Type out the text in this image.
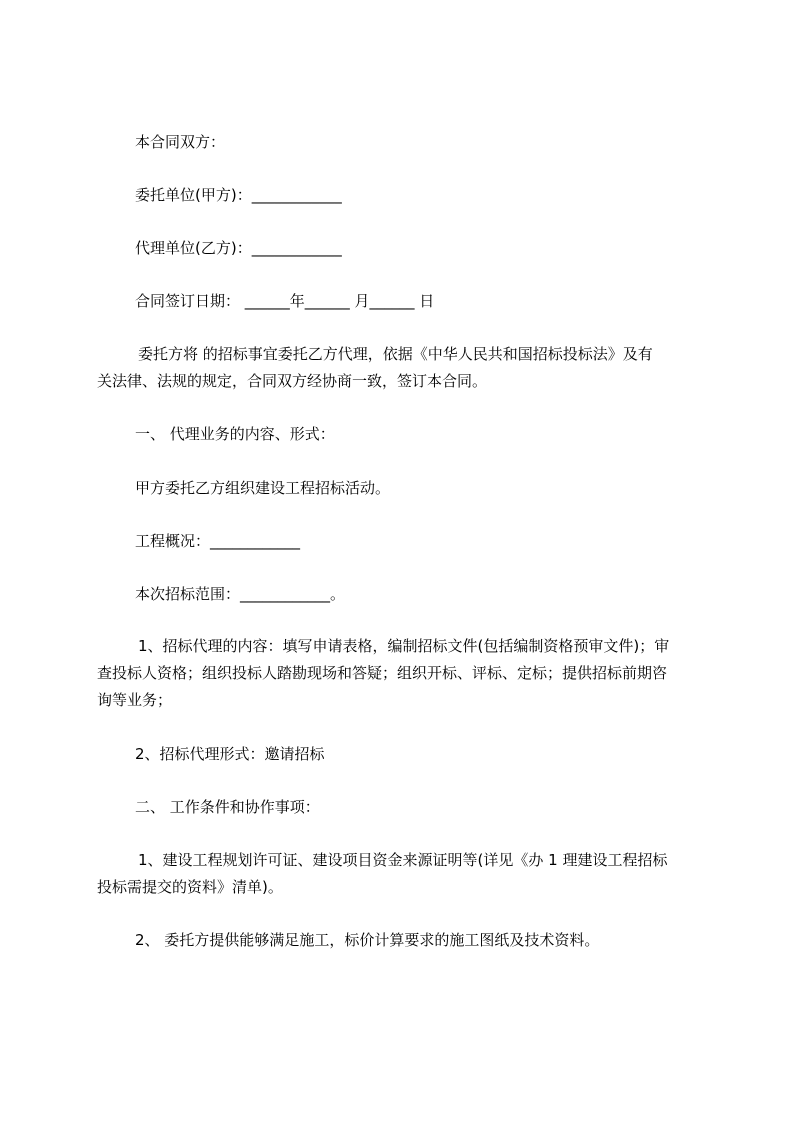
本合同双方：
委托单位(甲方)：____________
代理单位(乙方)：____________
合同签订日期： ______年______ 月______ 日
委托方将 的招标事宜委托乙方代理，依据《中华人民共和国招标投标法》及有
关法律、法规的规定，合同双方经协商一致，签订本合同。
一、 代理业务的内容、形式：
甲方委托乙方组织建设工程招标活动。
工程概况：____________
本次招标范围：____________。
1、招标代理的内容：填写申请表格，编制招标文件(包括编制资格预审文件)；审
查投标人资格；组织投标人踏勘现场和答疑；组织开标、评标、定标；提供招标前期咨
询等业务；
2、招标代理形式：邀请招标
二、 工作条件和协作事项：
1、建设工程规划许可证、建设项目资金来源证明等(详见《办 1 理建设工程招标
投标需提交的资料》清单)。
2、 委托方提供能够满足施工，标价计算要求的施工图纸及技术资料。
